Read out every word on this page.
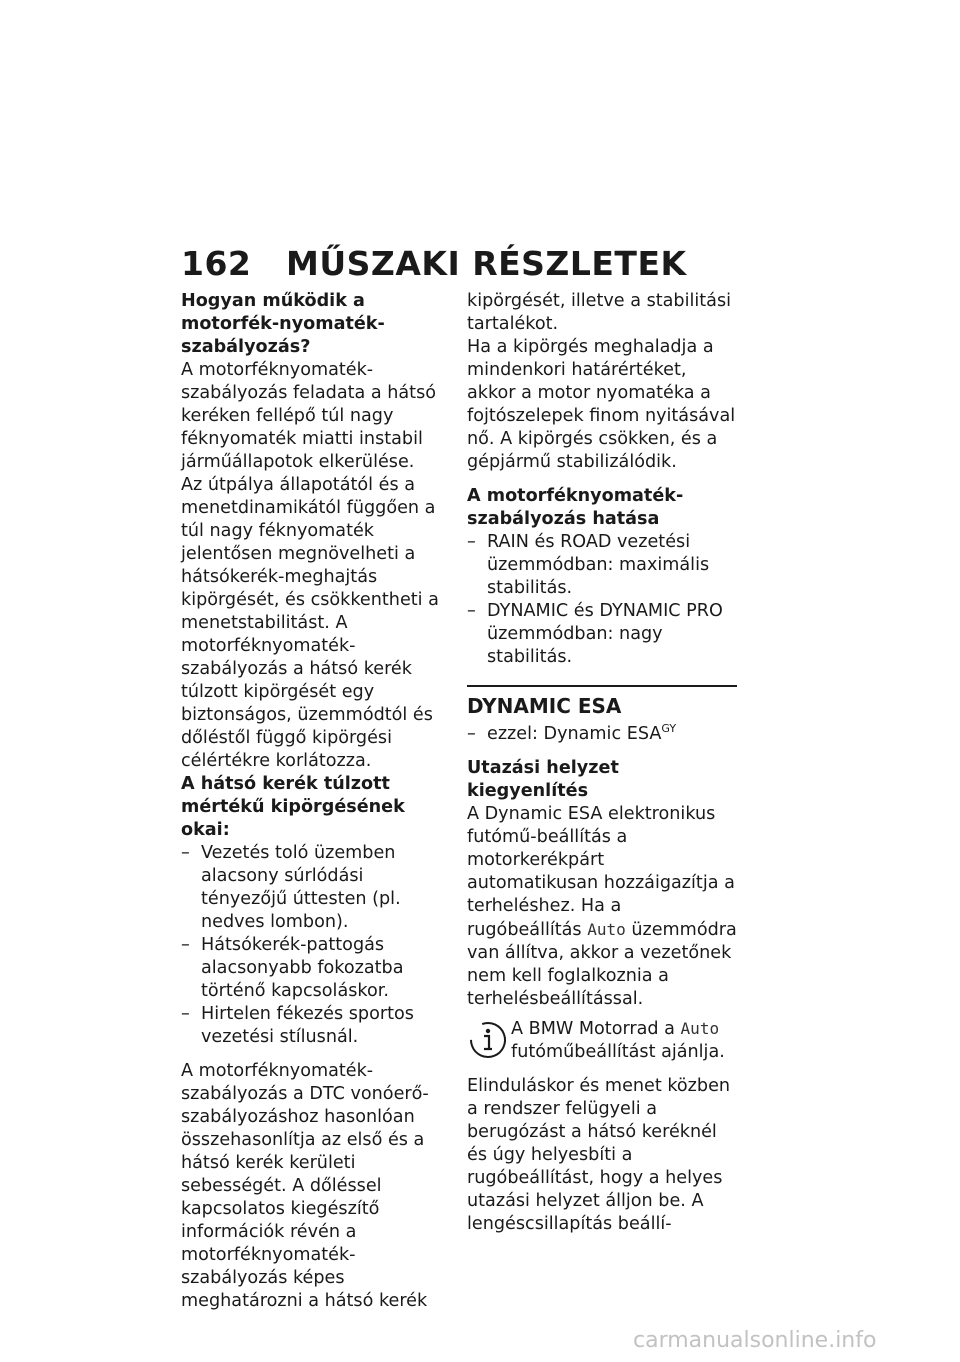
162 MŰSZAKI RÉSZLETEK

Hogyan működik a motorfék-nyomaték-szabályozás?

A motorféknyomaték-szabályozás feladata a hátsó keréken fellépő túl nagy féknyomaték miatti instabil járműállapotok elkerülése. Az útpálya állapotától és a menetdinamikától függően a túl nagy féknyomaték jelentősen megnövelheti a hátsókerék-meghajtás kipörgését, és csökkentheti a menetstabilitást. A motorféknyomaték-szabályozás a hátsó kerék túlzott kipörgését egy biztonságos, üzemmódtól és dőléstől függő kipörgési célértékre korlátozza.

A hátsó kerék túlzott mértékű kipörgésének okai:

– Vezetés toló üzemben alacsony súrlódási tényezőjű úttesten (pl. nedves lombon).
– Hátsókerék-pattogás alacsonyabb fokozatba történő kapcsoláskor.
– Hirtelen fékezés sportos vezetési stílusnál.

A motorféknyomaték-szabályozás a DTC vonóerő-szabályozáshoz hasonlóan összehasonlítja az első és a hátsó kerék kerületi sebességét. A dőléssel kapcsolatos kiegészítő információk révén a motorféknyomaték-szabályozás képes meghatározni a hátsó kerék

kipörgését, illetve a stabilitási tartalékot.

Ha a kipörgés meghaladja a mindenkori határértéket, akkor a motor nyomatéka a fojtószelepek finom nyitásával nő. A kipörgés csökken, és a gépjármű stabilizálódik.

A motorféknyomaték-szabályozás hatása

– RAIN és ROAD vezetési üzemmódban: maximális stabilitás.
– DYNAMIC és DYNAMIC PRO üzemmódban: nagy stabilitás.
DYNAMIC ESA
– ezzel: Dynamic $ESA^{GY}$

Utazási helyzet kiegyenlítés

A Dynamic ESA elektronikus futómű-beállítás a motorkerékpárt automatikusan hozzáigazítja a terheléshez. Ha a rugóbeállítás Auto üzemmódra van állítva, akkor a vezetőnek nem kell foglalkoznia a terhelésbeállítással.

A BMW Motorrad a Auto futóműbeállítást ajánlja.

Elinduláskor és menet közben a rendszer felügyeli a berugózást a hátsó keréknél és úgy helyesbíti a rugóbeállítást, hogy a helyes utazási helyzet álljon be. A lengéscsillapítás beállí-

carmanualsonline.info
